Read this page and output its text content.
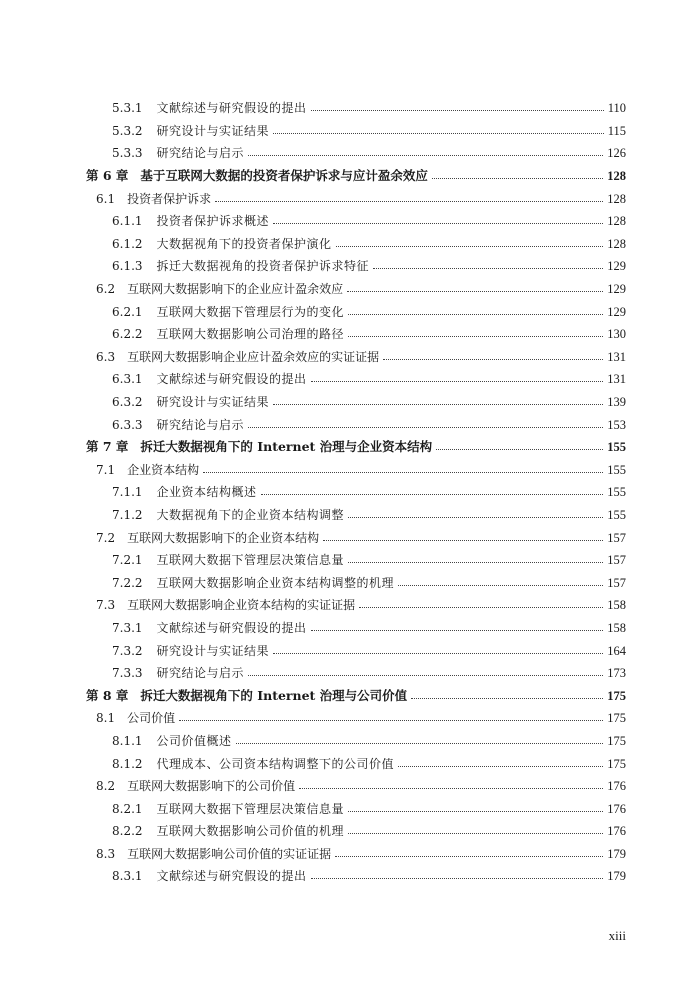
5.3.1 文献综述与研究假设的提出	110
5.3.2 研究设计与实证结果	115
5.3.3 研究结论与启示	126
第 6 章 基于互联网大数据的投资者保护诉求与应计盈余效应	128
6.1 投资者保护诉求	128
6.1.1 投资者保护诉求概述	128
6.1.2 大数据视角下的投资者保护演化	128
6.1.3 拆迁大数据视角的投资者保护诉求特征	129
6.2 互联网大数据影响下的企业应计盈余效应	129
6.2.1 互联网大数据下管理层行为的变化	129
6.2.2 互联网大数据影响公司治理的路径	130
6.3 互联网大数据影响企业应计盈余效应的实证证据	131
6.3.1 文献综述与研究假设的提出	131
6.3.2 研究设计与实证结果	139
6.3.3 研究结论与启示	153
第 7 章 拆迁大数据视角下的 Internet 治理与企业资本结构	155
7.1 企业资本结构	155
7.1.1 企业资本结构概述	155
7.1.2 大数据视角下的企业资本结构调整	155
7.2 互联网大数据影响下的企业资本结构	157
7.2.1 互联网大数据下管理层决策信息量	157
7.2.2 互联网大数据影响企业资本结构调整的机理	157
7.3 互联网大数据影响企业资本结构的实证证据	158
7.3.1 文献综述与研究假设的提出	158
7.3.2 研究设计与实证结果	164
7.3.3 研究结论与启示	173
第 8 章 拆迁大数据视角下的 Internet 治理与公司价值	175
8.1 公司价值	175
8.1.1 公司价值概述	175
8.1.2 代理成本、公司资本结构调整下的公司价值	175
8.2 互联网大数据影响下的公司价值	176
8.2.1 互联网大数据下管理层决策信息量	176
8.2.2 互联网大数据影响公司价值的机理	176
8.3 互联网大数据影响公司价值的实证证据	179
8.3.1 文献综述与研究假设的提出	179
xiii
